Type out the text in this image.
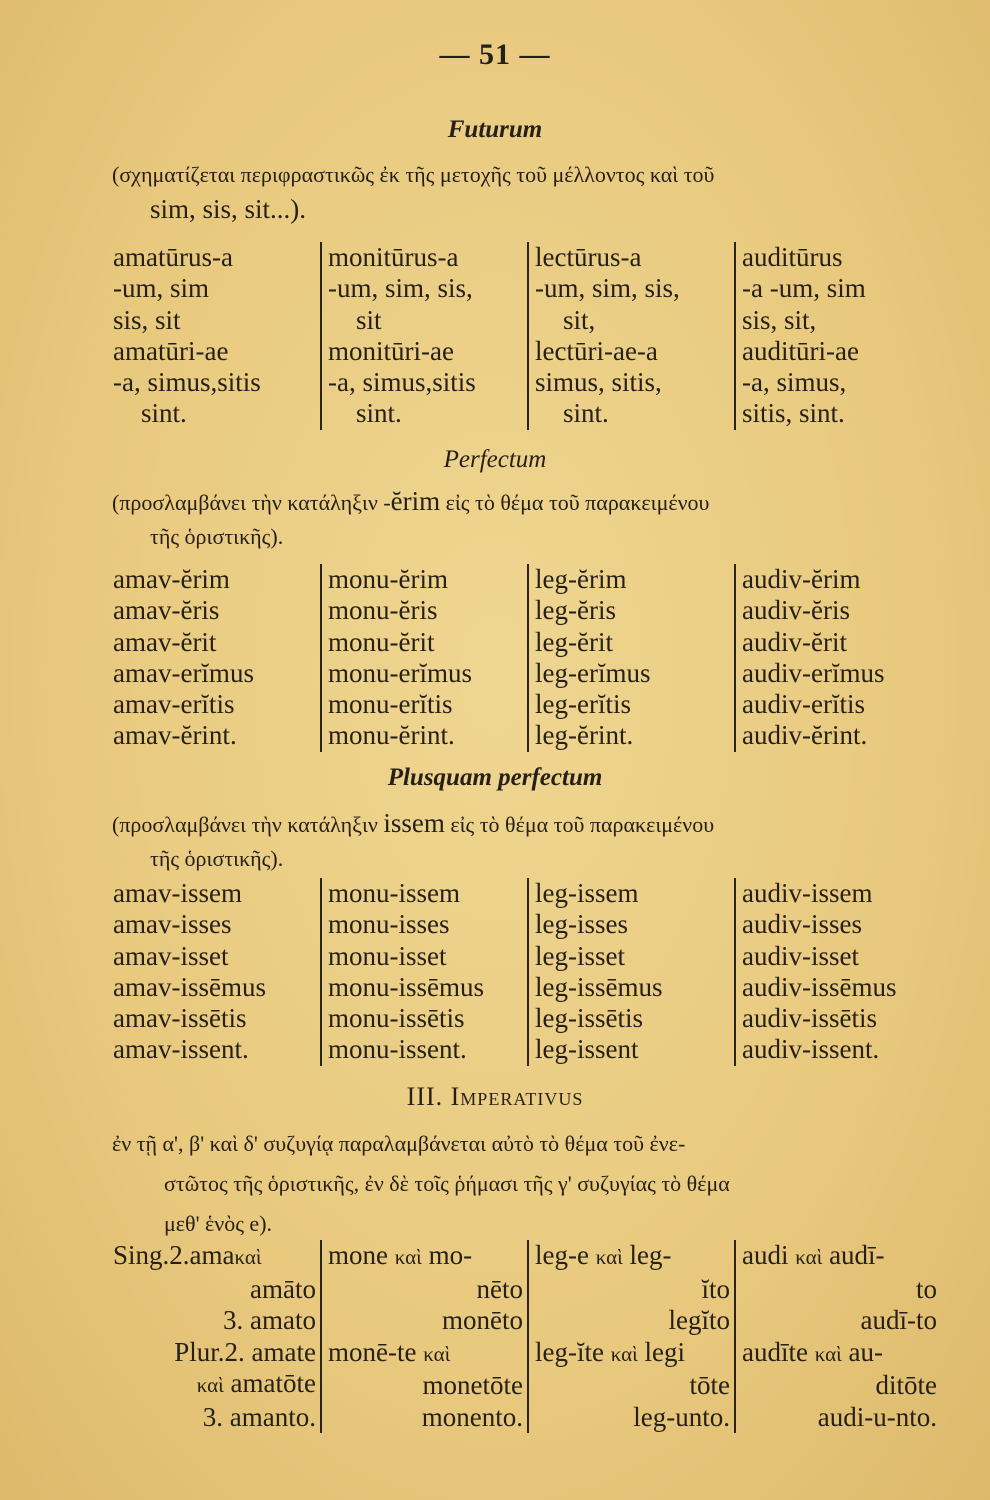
— 51 —
Futurum
(σχηματίζεται περιφραστικῶς ἐκ τῆς μετοχῆς τοῦ μέλλοντος καὶ τοῦ
sim, sis, sit...).
amatūrus-a
-um, sim
sis, sit
amatūri-ae
-a, simus,sitis
sint.
monitūrus-a
-um, sim, sis,
sit
monitūri-ae
-a, simus,sitis
sint.
lectūrus-a
-um, sim, sis,
sit,
lectūri-ae-a
simus, sitis,
sint.
auditūrus
-a -um, sim
sis, sit,
auditūri-ae
-a, simus,
sitis, sint.
Perfectum
(προσλαμβάνει τὴν κατάληξιν -ĕrim εἰς τὸ θέμα τοῦ παρακειμένου
τῆς ὁριστικῆς).
amav-ĕrim
amav-ĕris
amav-ĕrit
amav-erĭmus
amav-erĭtis
amav-ĕrint.
monu-ĕrim
monu-ĕris
monu-ĕrit
monu-erĭmus
monu-erĭtis
monu-ĕrint.
leg-ĕrim
leg-ĕris
leg-ĕrit
leg-erĭmus
leg-erĭtis
leg-ĕrint.
audiv-ĕrim
audiv-ĕris
audiv-ĕrit
audiv-erĭmus
audiv-erĭtis
audiv-ĕrint.
Plusquam perfectum
(προσλαμβάνει τὴν κατάληξιν issem εἰς τὸ θέμα τοῦ παρακειμένου
τῆς ὁριστικῆς).
amav-issem
amav-isses
amav-isset
amav-issēmus
amav-issētis
amav-issent.
monu-issem
monu-isses
monu-isset
monu-issēmus
monu-issētis
monu-issent.
leg-issem
leg-isses
leg-isset
leg-issēmus
leg-issētis
leg-issent
audiv-issem
audiv-isses
audiv-isset
audiv-issēmus
audiv-issētis
audiv-issent.
III. Imperativus
ἐν τῇ α', β' καὶ δ' συζυγίᾳ παραλαμβάνεται αὐτὸ τὸ θέμα τοῦ ἐνε-
στῶτος τῆς ὁριστικῆς, ἐν δὲ τοῖς ῥήμασι τῆς γ' συζυγίας τὸ θέμα
μεθ' ἑνὸς e).
Sing.2.amaκαὶ
amāto
3. amato
Plur.2. amate
καὶ amatōte
3. amanto.
mone καὶ mo-
nēto
monēto
monē-te καὶ
monetōte
monento.
leg-e καὶ leg-
ĭto
legĭto
leg-ĭte καὶ legi
tōte
leg-unto.
audi καὶ audī-
to
audī-to
audīte καὶ au-
ditōte
audi-u-nto.
